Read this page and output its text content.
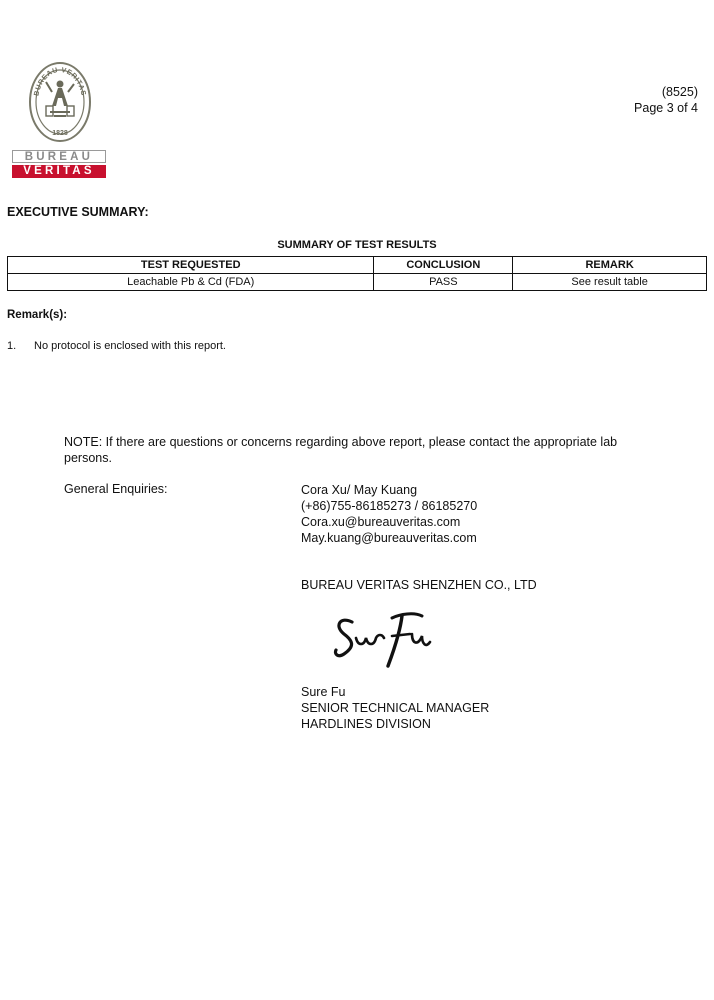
BUREAU VERITAS
1828
BUREAU
VERITAS
(8525)
Page 3 of 4
EXECUTIVE SUMMARY:
SUMMARY OF TEST RESULTS
TEST REQUESTED	CONCLUSION	REMARK
Leachable Pb & Cd (FDA)	PASS	See result table
Remark(s):
1. No protocol is enclosed with this report.
NOTE: If there are questions or concerns regarding above report, please contact the appropriate lab persons.
General Enquiries:	Cora Xu/ May Kuang
(+86)755-86185273 / 86185270
Cora.xu@bureauveritas.com
May.kuang@bureauveritas.com
BUREAU VERITAS SHENZHEN CO., LTD
Sure Fu
SENIOR TECHNICAL MANAGER
HARDLINES DIVISION
